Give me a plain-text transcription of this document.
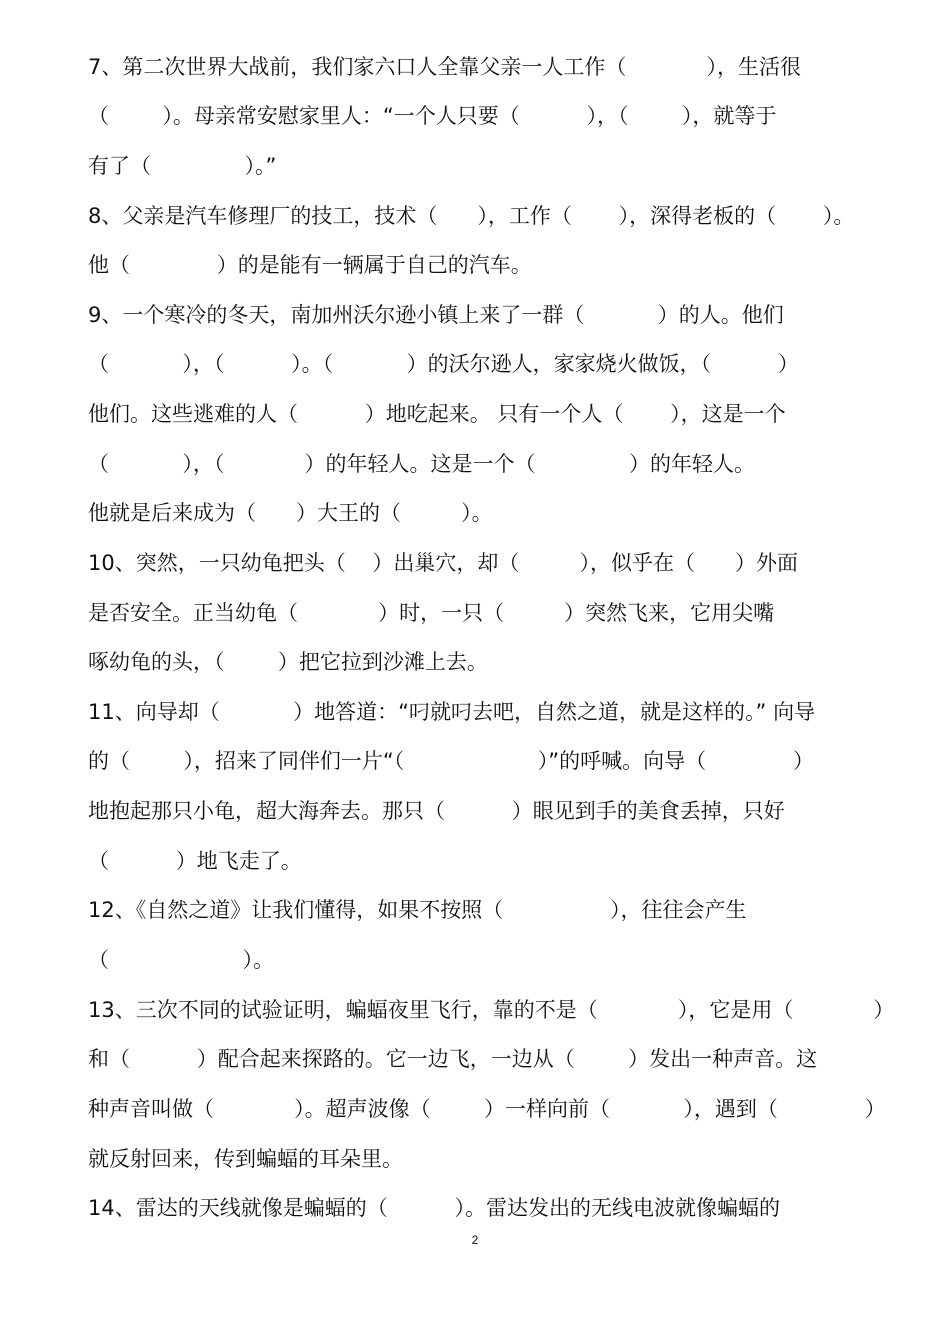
7、第二次世界大战前，我们家六口人全靠父亲一人工作（            ），生活很
（        ）。母亲常安慰家里人：“一个人只要（          ），（        ），就等于
有了（              ）。”
8、父亲是汽车修理厂的技工，技术（      ），工作（       ），深得老板的（       ）。
他（             ）的是能有一辆属于自己的汽车。
9、一个寒冷的冬天，南加州沃尔逊小镇上来了一群（           ）的人。他们
（           ），（          ）。（           ）的沃尔逊人，家家烧火做饭，（          ）
他们。这些逃难的人（          ）地吃起来。 只有一个人（       ），这是一个
（           ），（            ）的年轻人。这是一个（              ）的年轻人。
他就是后来成为（      ）大王的（         ）。
10、突然，一只幼龟把头（    ）出巢穴，却（         ），似乎在（      ）外面
是否安全。正当幼龟（            ）时，一只（         ）突然飞来，它用尖嘴
啄幼龟的头，（        ）把它拉到沙滩上去。
11、向导却（           ）地答道：“叼就叼去吧，自然之道，就是这样的。” 向导
的（        ），招来了同伴们一片“（                    ）”的呼喊。向导（             ）
地抱起那只小龟，超大海奔去。那只（          ）眼见到手的美食丢掉，只好
（          ）地飞走了。
12、《自然之道》让我们懂得，如果不按照（                ），往往会产生
（                    ）。
13、三次不同的试验证明，蝙蝠夜里飞行，靠的不是（            ），它是用（            ）
和（          ）配合起来探路的。它一边飞，一边从（        ）发出一种声音。这
种声音叫做（            ）。超声波像（        ）一样向前（           ），遇到（             ）
就反射回来，传到蝙蝠的耳朵里。
14、雷达的天线就像是蝙蝠的（          ）。雷达发出的无线电波就像蝙蝠的
2
